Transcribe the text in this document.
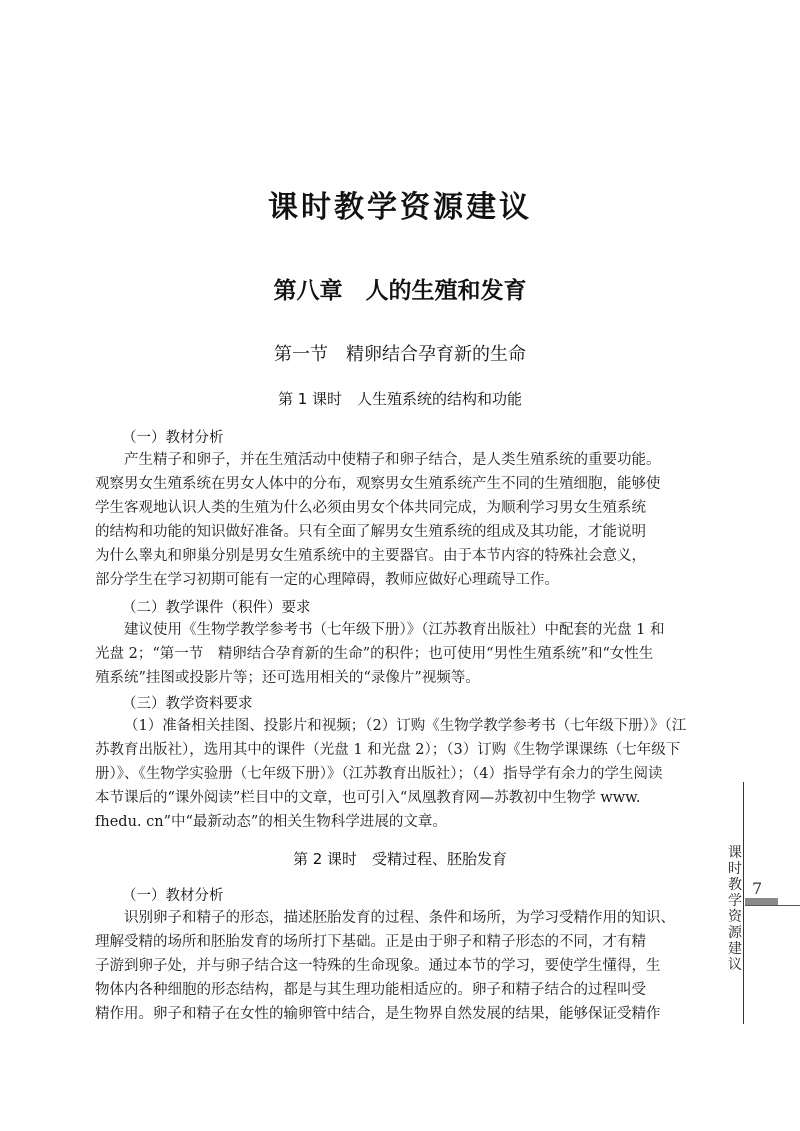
课时教学资源建议
第八章　人的生殖和发育
第一节　精卵结合孕育新的生命
第 1 课时　人生殖系统的结构和功能
（一）教材分析
产生精子和卵子，并在生殖活动中使精子和卵子结合，是人类生殖系统的重要功能。
观察男女生殖系统在男女人体中的分布，观察男女生殖系统产生不同的生殖细胞，能够使
学生客观地认识人类的生殖为什么必须由男女个体共同完成，为顺利学习男女生殖系统
的结构和功能的知识做好准备。只有全面了解男女生殖系统的组成及其功能，才能说明
为什么睾丸和卵巢分别是男女生殖系统中的主要器官。由于本节内容的特殊社会意义，
部分学生在学习初期可能有一定的心理障碍，教师应做好心理疏导工作。
（二）教学课件（积件）要求
建议使用《生物学教学参考书（七年级下册）》（江苏教育出版社）中配套的光盘 1 和
光盘 2；“第一节　精卵结合孕育新的生命”的积件；也可使用“男性生殖系统”和“女性生
殖系统”挂图或投影片等；还可选用相关的“录像片”视频等。
（三）教学资料要求
（1）准备相关挂图、投影片和视频；（2）订购《生物学教学参考书（七年级下册）》（江
苏教育出版社），选用其中的课件（光盘 1 和光盘 2）；（3）订购《生物学课课练（七年级下
册）》、《生物学实验册（七年级下册）》（江苏教育出版社）；（4）指导学有余力的学生阅读
本节课后的“课外阅读”栏目中的文章，也可引入“凤凰教育网—苏教初中生物学 www.
fhedu. cn”中“最新动态”的相关生物科学进展的文章。
第 2 课时　受精过程、胚胎发育
（一）教材分析
识别卵子和精子的形态，描述胚胎发育的过程、条件和场所，为学习受精作用的知识、
理解受精的场所和胚胎发育的场所打下基础。正是由于卵子和精子形态的不同，才有精
子游到卵子处，并与卵子结合这一特殊的生命现象。通过本节的学习，要使学生懂得，生
物体内各种细胞的形态结构，都是与其生理功能相适应的。卵子和精子结合的过程叫受
精作用。卵子和精子在女性的输卵管中结合，是生物界自然发展的结果，能够保证受精作
课
时
教
学
资
源
建
议
7
